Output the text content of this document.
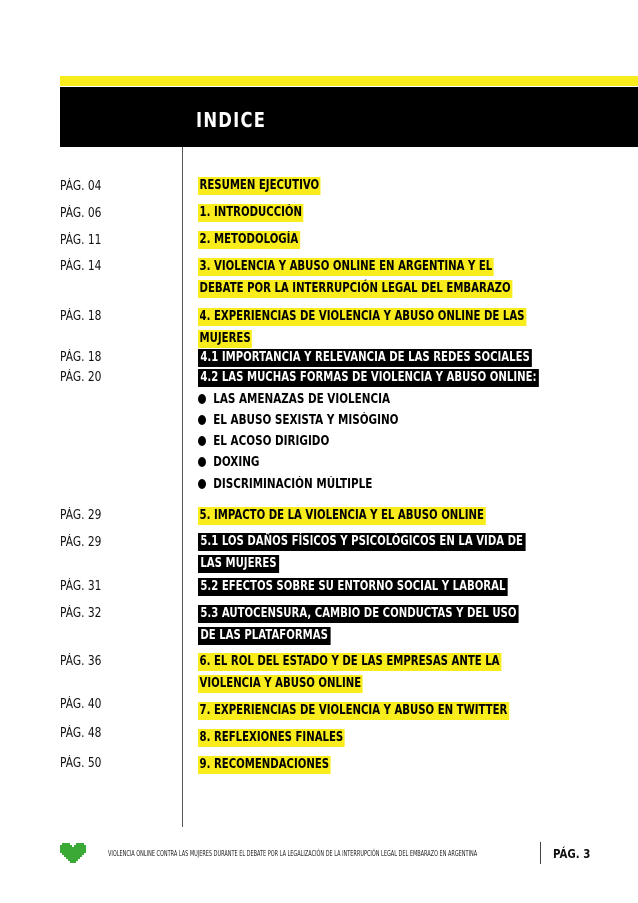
INDICE
PÁG. 04
PÁG. 06
PÁG. 11
PÁG. 14
PÁG. 18
PÁG. 18
PÁG. 20
PÁG. 29
PÁG. 29
PÁG. 31
PÁG. 32
PÁG. 36
PÁG. 40
PÁG. 48
PÁG. 50
RESUMEN EJECUTIVO
1. INTRODUCCIÓN
2. METODOLOGÍA
3. VIOLENCIA Y ABUSO ONLINE EN ARGENTINA Y EL
DEBATE POR LA INTERRUPCIÓN LEGAL DEL EMBARAZO
4. EXPERIENCIAS DE VIOLENCIA Y ABUSO ONLINE DE LAS
MUJERES
4.1 IMPORTANCIA Y RELEVANCIA DE LAS REDES SOCIALES
4.2 LAS MUCHAS FORMAS DE VIOLENCIA Y ABUSO ONLINE:
LAS AMENAZAS DE VIOLENCIA
EL ABUSO SEXISTA Y MISÓGINO
EL ACOSO DIRIGIDO
DOXING
DISCRIMINACIÓN MÚLTIPLE
5. IMPACTO DE LA VIOLENCIA Y EL ABUSO ONLINE
5.1 LOS DAÑOS FÍSICOS Y PSICOLÓGICOS EN LA VIDA DE
LAS MUJERES
5.2 EFECTOS SOBRE SU ENTORNO SOCIAL Y LABORAL
5.3 AUTOCENSURA, CAMBIO DE CONDUCTAS Y DEL USO
DE LAS PLATAFORMAS
6. EL ROL DEL ESTADO Y DE LAS EMPRESAS ANTE LA
VIOLENCIA Y ABUSO ONLINE
7. EXPERIENCIAS DE VIOLENCIA Y ABUSO EN TWITTER
8. REFLEXIONES FINALES
9. RECOMENDACIONES
VIOLENCIA ONLINE CONTRA LAS MUJERES DURANTE EL DEBATE POR LA LEGALIZACIÓN DE LA INTERRUPCIÓN LEGAL DEL EMBARAZO EN ARGENTINA	PÁG. 3
